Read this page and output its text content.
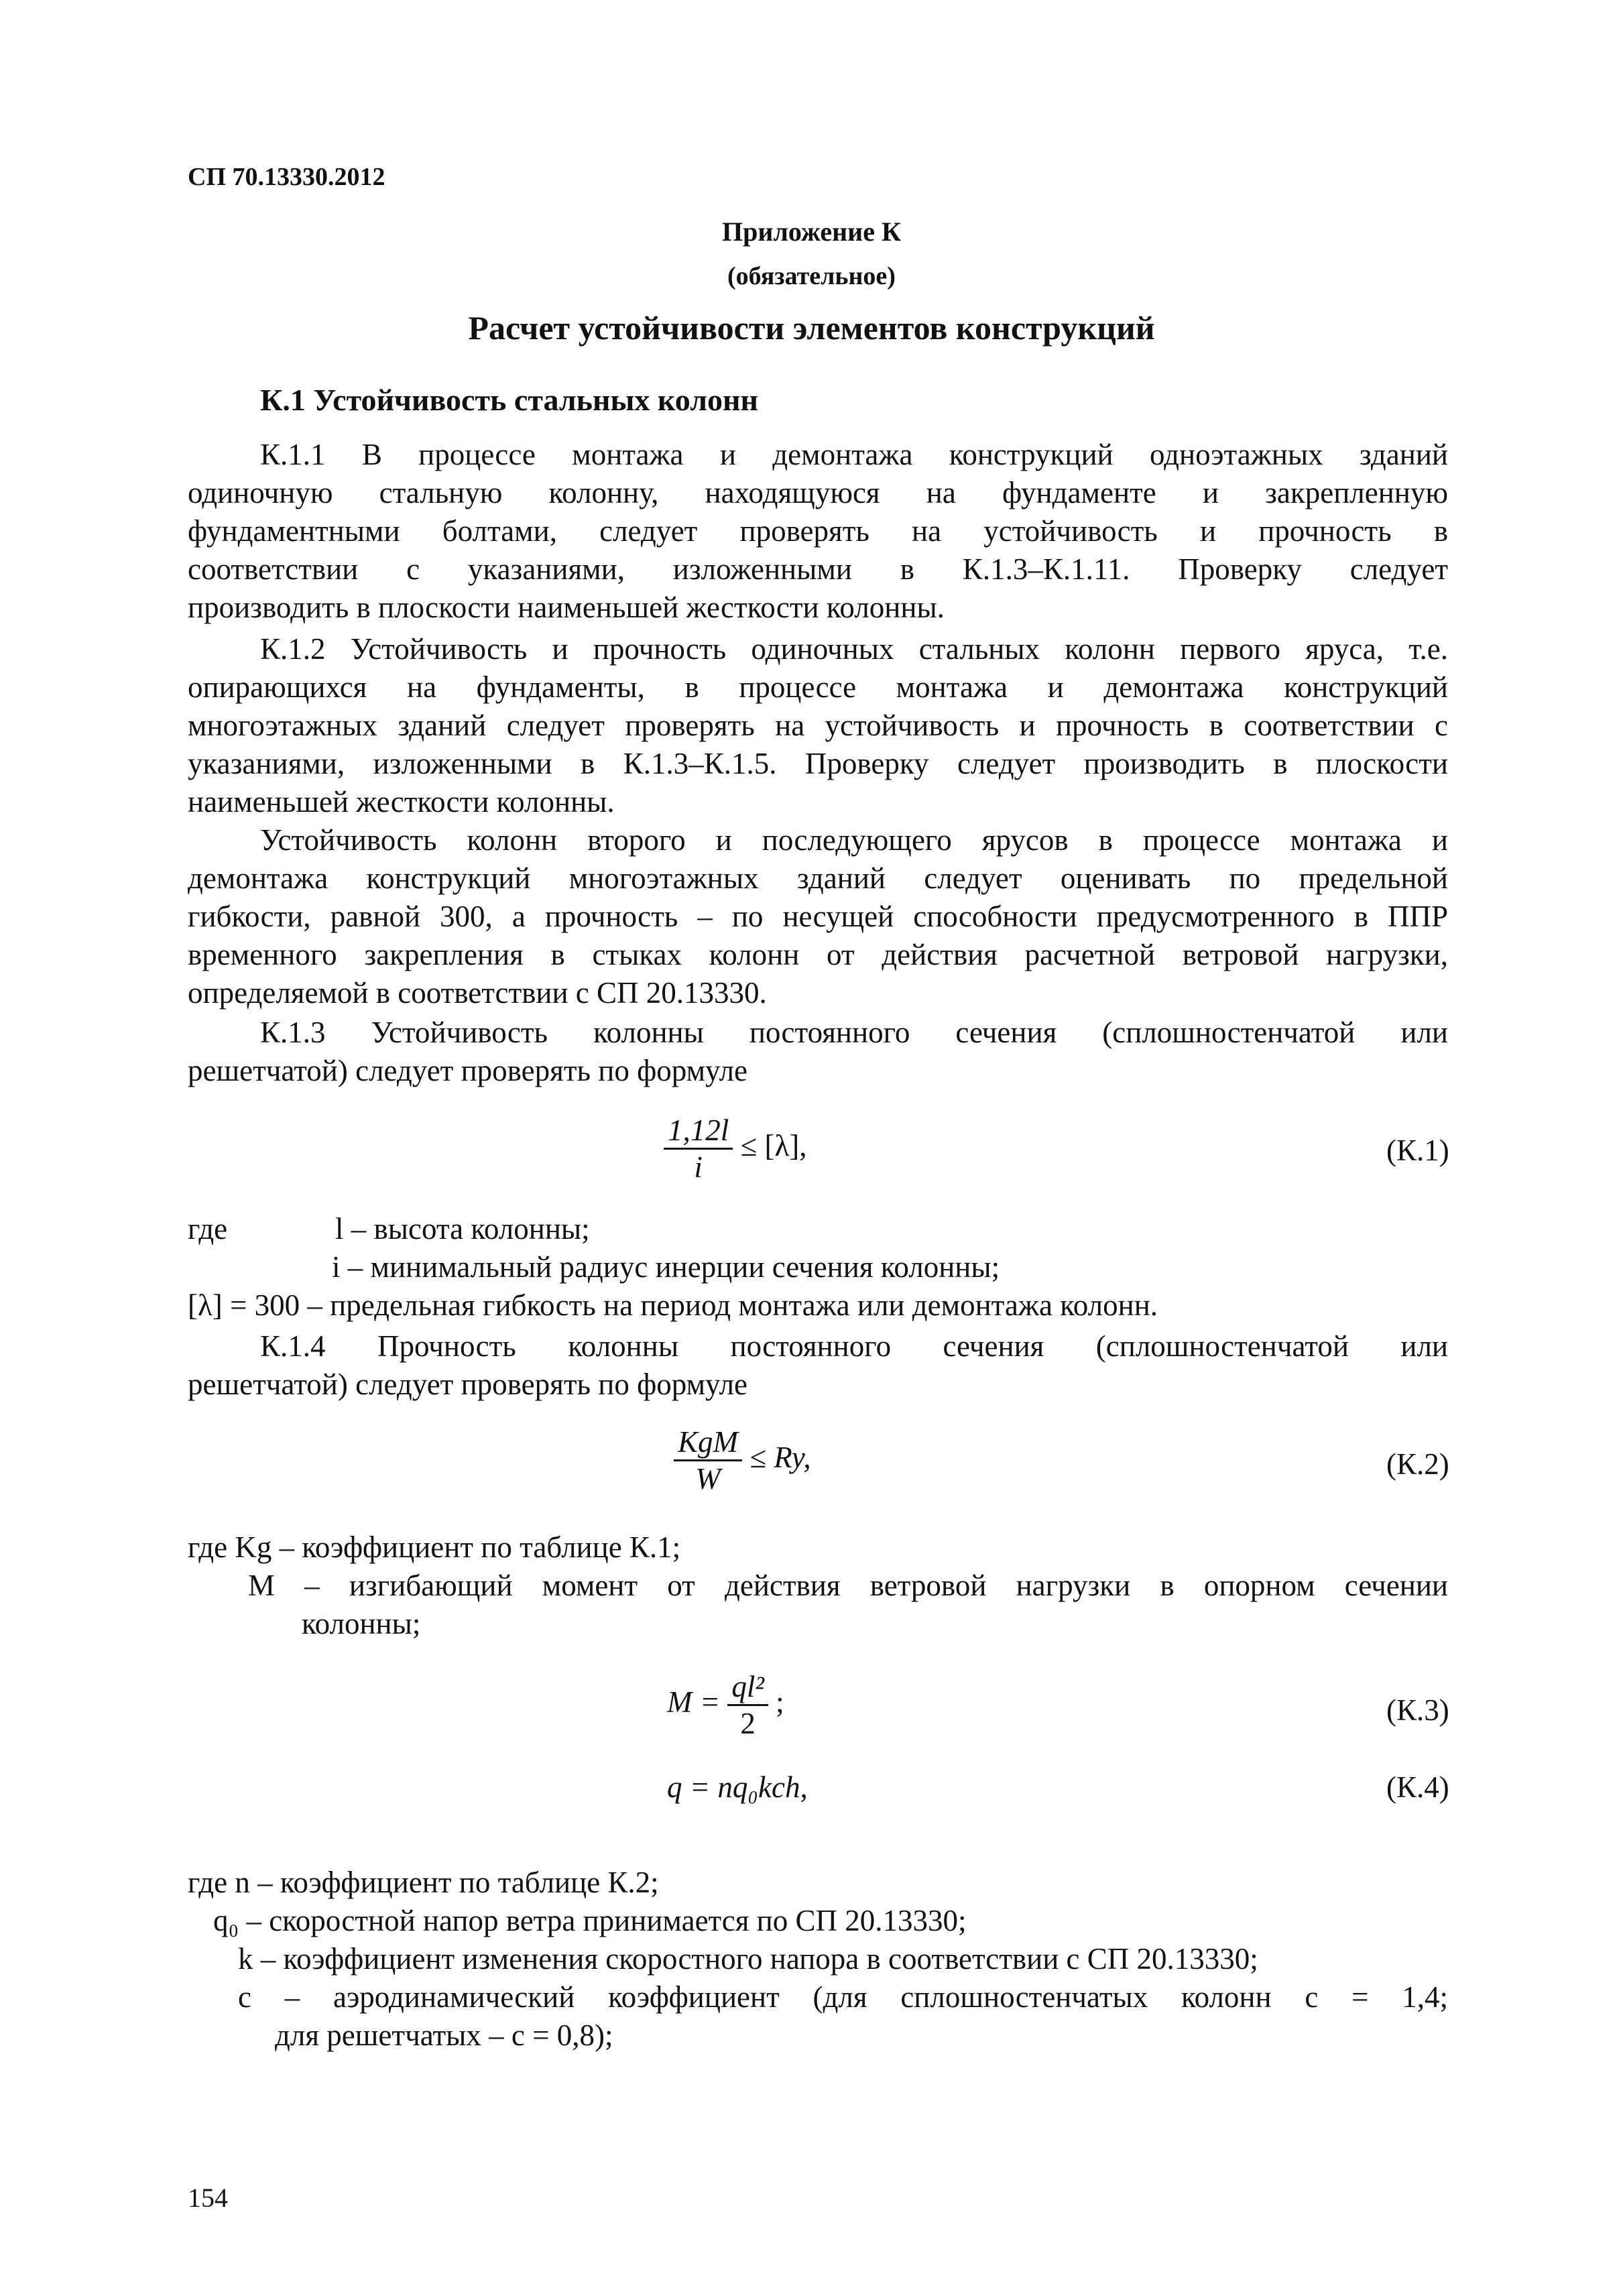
СП 70.13330.2012
Приложение К
(обязательное)
Расчет устойчивости элементов конструкций
К.1 Устойчивость стальных колонн
К.1.1 В процессе монтажа и демонтажа конструкций одноэтажных зданий
одиночную стальную колонну, находящуюся на фундаменте и закрепленную
фундаментными болтами, следует проверять на устойчивость и прочность в
соответствии с указаниями, изложенными в К.1.3–К.1.11. Проверку следует
производить в плоскости наименьшей жесткости колонны.
К.1.2 Устойчивость и прочность одиночных стальных колонн первого яруса, т.е.
опирающихся на фундаменты, в процессе монтажа и демонтажа конструкций
многоэтажных зданий следует проверять на устойчивость и прочность в соответствии с
указаниями, изложенными в К.1.3–К.1.5. Проверку следует производить в плоскости
наименьшей жесткости колонны.
Устойчивость колонн второго и последующего ярусов в процессе монтажа и
демонтажа конструкций многоэтажных зданий следует оценивать по предельной
гибкости, равной 300, а прочность – по несущей способности предусмотренного в ППР
временного закрепления в стыках колонн от действия расчетной ветровой нагрузки,
определяемой в соответствии с СП 20.13330.
К.1.3 Устойчивость колонны постоянного сечения (сплошностенчатой или
решетчатой) следует проверять по формуле
$\frac{1,12l}{i} \le [\lambda]$,	(К.1)
где	l – высота колонны;
i – минимальный радиус инерции сечения колонны;
[λ] = 300 – предельная гибкость на период монтажа или демонтажа колонн.
К.1.4 Прочность колонны постоянного сечения (сплошностенчатой или
решетчатой) следует проверять по формуле
$\frac{\text{KgM}}{W} \le Ry$,	(К.2)
где Kg – коэффициент по таблице К.1;
M – изгибающий момент от действия ветровой нагрузки в опорном сечении
колонны;
$M = \frac{\text{ql²}}{2}$ ;	(К.3)
q = nq₀kch,	(К.4)
где n – коэффициент по таблице К.2;
q₀ – скоростной напор ветра принимается по СП 20.13330;
k – коэффициент изменения скоростного напора в соответствии с СП 20.13330;
c – аэродинамический коэффициент (для сплошностенчатых колонн c = 1,4;
для решетчатых – c = 0,8);
154
